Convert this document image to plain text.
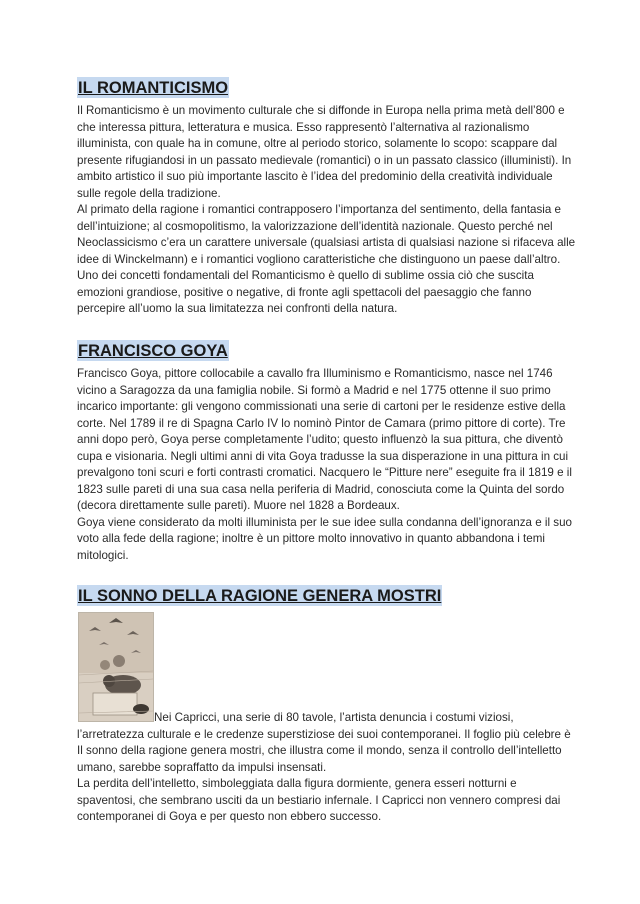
IL ROMANTICISMO

Il Romanticismo è un movimento culturale che si diffonde in Europa nella prima metà dell’800 e che interessa pittura, letteratura e musica. Esso rappresentò l’alternativa al razionalismo illuminista, con quale ha in comune, oltre al periodo storico, solamente lo scopo: scappare dal presente rifugiandosi in un passato medievale (romantici) o in un passato classico (illuministi). In ambito artistico il suo più importante lascito è l’idea del predominio della creatività individuale sulle regole della tradizione.

Al primato della ragione i romantici contrapposero l’importanza del sentimento, della fantasia e dell’intuizione; al cosmopolitismo, la valorizzazione dell’identità nazionale. Questo perché nel Neoclassicismo c’era un carattere universale (qualsiasi artista di qualsiasi nazione si rifaceva alle idee di Winckelmann) e i romantici vogliono caratteristiche che distinguono un paese dall’altro.

Uno dei concetti fondamentali del Romanticismo è quello di sublime ossia ciò che suscita emozioni grandiose, positive o negative, di fronte agli spettacoli del paesaggio che fanno percepire all’uomo la sua limitatezza nei confronti della natura.

FRANCISCO GOYA

Francisco Goya, pittore collocabile a cavallo fra Illuminismo e Romanticismo, nasce nel 1746 vicino a Saragozza da una famiglia nobile. Si formò a Madrid e nel 1775 ottenne il suo primo incarico importante: gli vengono commissionati una serie di cartoni per le residenze estive della corte. Nel 1789 il re di Spagna Carlo IV lo nominò Pintor de Camara (primo pittore di corte). Tre anni dopo però, Goya perse completamente l’udito; questo influenzò la sua pittura, che diventò cupa e visionaria. Negli ultimi anni di vita Goya tradusse la sua disperazione in una pittura in cui prevalgono toni scuri e forti contrasti cromatici. Nacquero le “Pitture nere” eseguite fra il 1819 e il 1823 sulle pareti di una sua casa nella periferia di Madrid, conosciuta come la Quinta del sordo (decora direttamente sulle pareti). Muore nel 1828 a Bordeaux.

Goya viene considerato da molti illuminista per le sue idee sulla condanna dell’ignoranza e il suo voto alla fede della ragione; inoltre è un pittore molto innovativo in quanto abbandona i temi mitologici.

IL SONNO DELLA RAGIONE GENERA MOSTRI

Nei Capricci, una serie di 80 tavole, l’artista denuncia i costumi viziosi, l’arretratezza culturale e le credenze superstiziose dei suoi contemporanei. Il foglio più celebre è Il sonno della ragione genera mostri, che illustra come il mondo, senza il controllo dell’intelletto umano, sarebbe sopraffatto da impulsi insensati.

La perdita dell’intelletto, simboleggiata dalla figura dormiente, genera esseri notturni e spaventosi, che sembrano usciti da un bestiario infernale. I Capricci non vennero compresi dai contemporanei di Goya e per questo non ebbero successo.
